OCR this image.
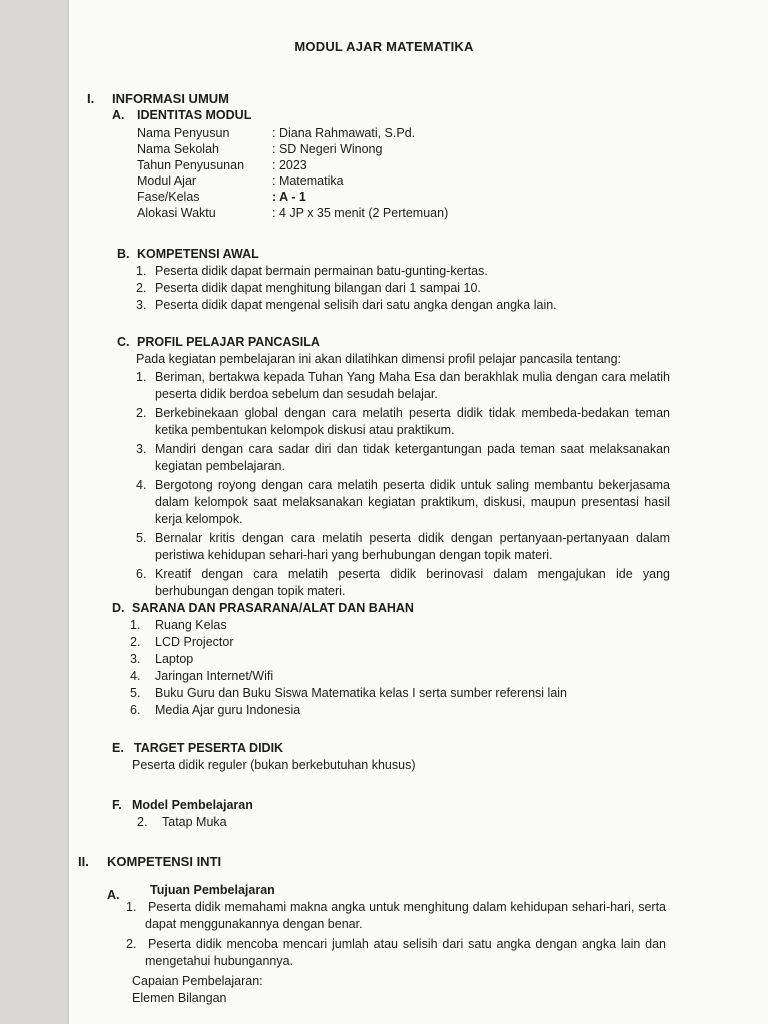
MODUL AJAR MATEMATIKA
I. INFORMASI UMUM
A. IDENTITAS MODUL
Nama Penyusun	: Diana Rahmawati, S.Pd.
Nama Sekolah	: SD Negeri Winong
Tahun Penyusunan : 2023
Modul Ajar	: Matematika
Fase/Kelas	: A - 1
Alokasi Waktu	: 4 JP x 35 menit (2 Pertemuan)
B. KOMPETENSI AWAL
1. Peserta didik dapat bermain permainan batu-gunting-kertas.
2. Peserta didik dapat menghitung bilangan dari 1 sampai 10.
3. Peserta didik dapat mengenal selisih dari satu angka dengan angka lain.
C. PROFIL PELAJAR PANCASILA
Pada kegiatan pembelajaran ini akan dilatihkan dimensi profil pelajar pancasila tentang:
1. Beriman, bertakwa kepada Tuhan Yang Maha Esa dan berakhlak mulia dengan cara melatih peserta didik berdoa sebelum dan sesudah belajar.
2. Berkebinekaan global dengan cara melatih peserta didik tidak membeda-bedakan teman ketika pembentukan kelompok diskusi atau praktikum.
3. Mandiri dengan cara sadar diri dan tidak ketergantungan pada teman saat melaksanakan kegiatan pembelajaran.
4. Bergotong royong dengan cara melatih peserta didik untuk saling membantu bekerjasama dalam kelompok saat melaksanakan kegiatan praktikum, diskusi, maupun presentasi hasil kerja kelompok.
5. Bernalar kritis dengan cara melatih peserta didik dengan pertanyaan-pertanyaan dalam peristiwa kehidupan sehari-hari yang berhubungan dengan topik materi.
6. Kreatif dengan cara melatih peserta didik berinovasi dalam mengajukan ide yang berhubungan dengan topik materi.
D. SARANA DAN PRASARANA/ALAT DAN BAHAN
1. Ruang Kelas
2. LCD Projector
3. Laptop
4. Jaringan Internet/Wifi
5. Buku Guru dan Buku Siswa Matematika kelas I serta sumber referensi lain
6. Media Ajar guru Indonesia
E. TARGET PESERTA DIDIK
Peserta didik reguler (bukan berkebutuhan khusus)
F. Model Pembelajaran
2. Tatap Muka
II. KOMPETENSI INTI
A. Tujuan Pembelajaran
1. Peserta didik memahami makna angka untuk menghitung dalam kehidupan sehari-hari, serta dapat menggunakannya dengan benar.
2. Peserta didik mencoba mencari jumlah atau selisih dari satu angka dengan angka lain dan mengetahui hubungannya.
Capaian Pembelajaran:
Elemen Bilangan
